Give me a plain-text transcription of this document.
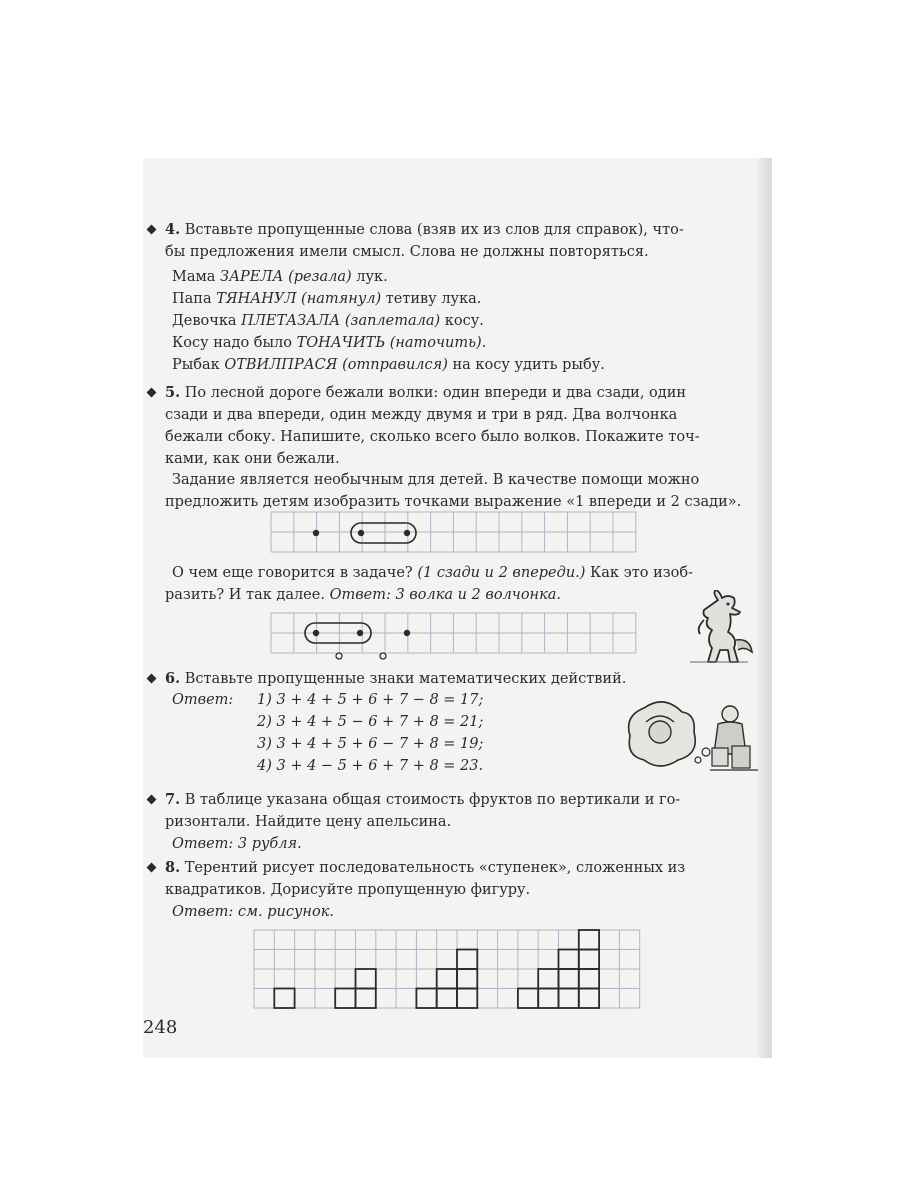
4. Вставьте пропущенные слова (взяв их из слов для справок), что-

бы предложения имели смысл. Слова не должны повторяться.

Мама ЗАРЕЛА (резала) лук.

Папа ТЯНАНУЛ (натянул) тетиву лука.

Девочка ПЛЕТАЗАЛА (заплетала) косу.

Косу надо было ТОНАЧИТЬ (наточить).

Рыбак ОТВИЛПРАСЯ (отправился) на косу удить рыбу.

5. По лесной дороге бежали волки: один впереди и два сзади, один

сзади и два впереди, один между двумя и три в ряд. Два волчонка

бежали сбоку. Напишите, сколько всего было волков. Покажите точ-

ками, как они бежали.

Задание является необычным для детей. В качестве помощи можно

предложить детям изобразить точками выражение «1 впереди и 2 сзади».

О чем еще говорится в задаче? (1 сзади и 2 впереди.) Как это изоб-

разить? И так далее. Ответ: 3 волка и 2 волчонка.

6. Вставьте пропущенные знаки математических действий.

Ответ: 1) 3 + 4 + 5 + 6 + 7 − 8 = 17;

2) 3 + 4 + 5 − 6 + 7 + 8 = 21;

3) 3 + 4 + 5 + 6 − 7 + 8 = 19;

4) 3 + 4 − 5 + 6 + 7 + 8 = 23.

7. В таблице указана общая стоимость фруктов по вертикали и го-

ризонтали. Найдите цену апельсина.

Ответ: 3 рубля.

8. Терентий рисует последовательность «ступенек», сложенных из

квадратиков. Дорисуйте пропущенную фигуру.

Ответ: см. рисунок.

248
